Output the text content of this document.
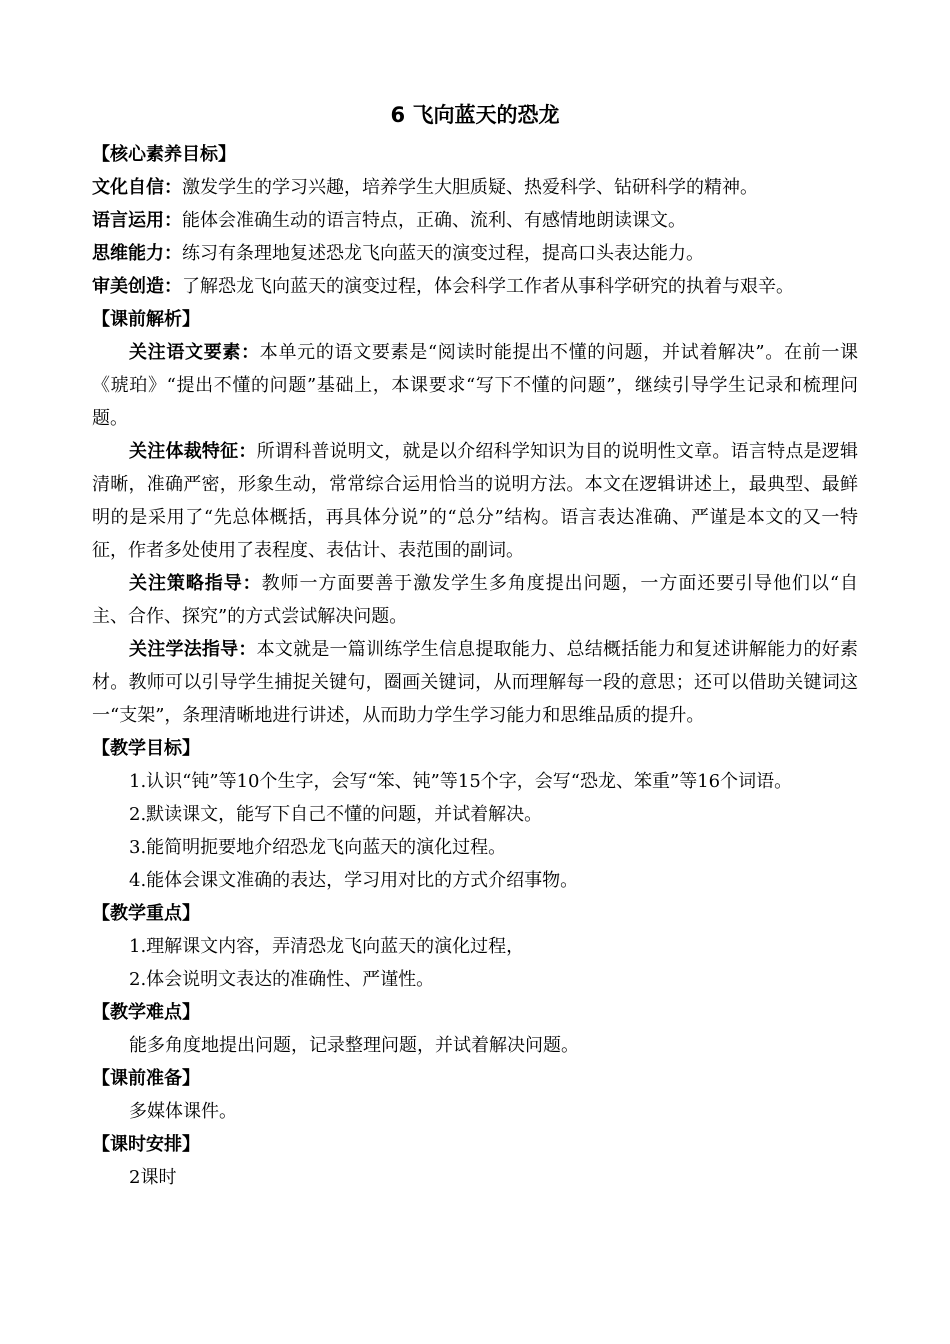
6 飞向蓝天的恐龙

【核心素养目标】

文化自信：激发学生的学习兴趣，培养学生大胆质疑、热爱科学、钻研科学的精神。

语言运用：能体会准确生动的语言特点，正确、流利、有感情地朗读课文。

思维能力：练习有条理地复述恐龙飞向蓝天的演变过程，提高口头表达能力。

审美创造：了解恐龙飞向蓝天的演变过程，体会科学工作者从事科学研究的执着与艰辛。

【课前解析】

关注语文要素：本单元的语文要素是“阅读时能提出不懂的问题，并试着解决”。在前一课《琥珀》“提出不懂的问题”基础上，本课要求“写下不懂的问题”，继续引导学生记录和梳理问题。

关注体裁特征：所谓科普说明文，就是以介绍科学知识为目的说明性文章。语言特点是逻辑清晰，准确严密，形象生动，常常综合运用恰当的说明方法。本文在逻辑讲述上，最典型、最鲜明的是采用了“先总体概括，再具体分说”的“总分”结构。语言表达准确、严谨是本文的又一特征，作者多处使用了表程度、表估计、表范围的副词。

关注策略指导：教师一方面要善于激发学生多角度提出问题，一方面还要引导他们以“自主、合作、探究”的方式尝试解决问题。

关注学法指导：本文就是一篇训练学生信息提取能力、总结概括能力和复述讲解能力的好素材。教师可以引导学生捕捉关键句，圈画关键词，从而理解每一段的意思；还可以借助关键词这一“支架”，条理清晰地进行讲述，从而助力学生学习能力和思维品质的提升。

【教学目标】

1.认识“钝”等10个生字，会写“笨、钝”等15个字，会写“恐龙、笨重”等16个词语。

2.默读课文，能写下自己不懂的问题，并试着解决。

3.能简明扼要地介绍恐龙飞向蓝天的演化过程。

4.能体会课文准确的表达，学习用对比的方式介绍事物。

【教学重点】

1.理解课文内容，弄清恐龙飞向蓝天的演化过程，

2.体会说明文表达的准确性、严谨性。

【教学难点】

能多角度地提出问题，记录整理问题，并试着解决问题。

【课前准备】

多媒体课件。

【课时安排】

2课时
